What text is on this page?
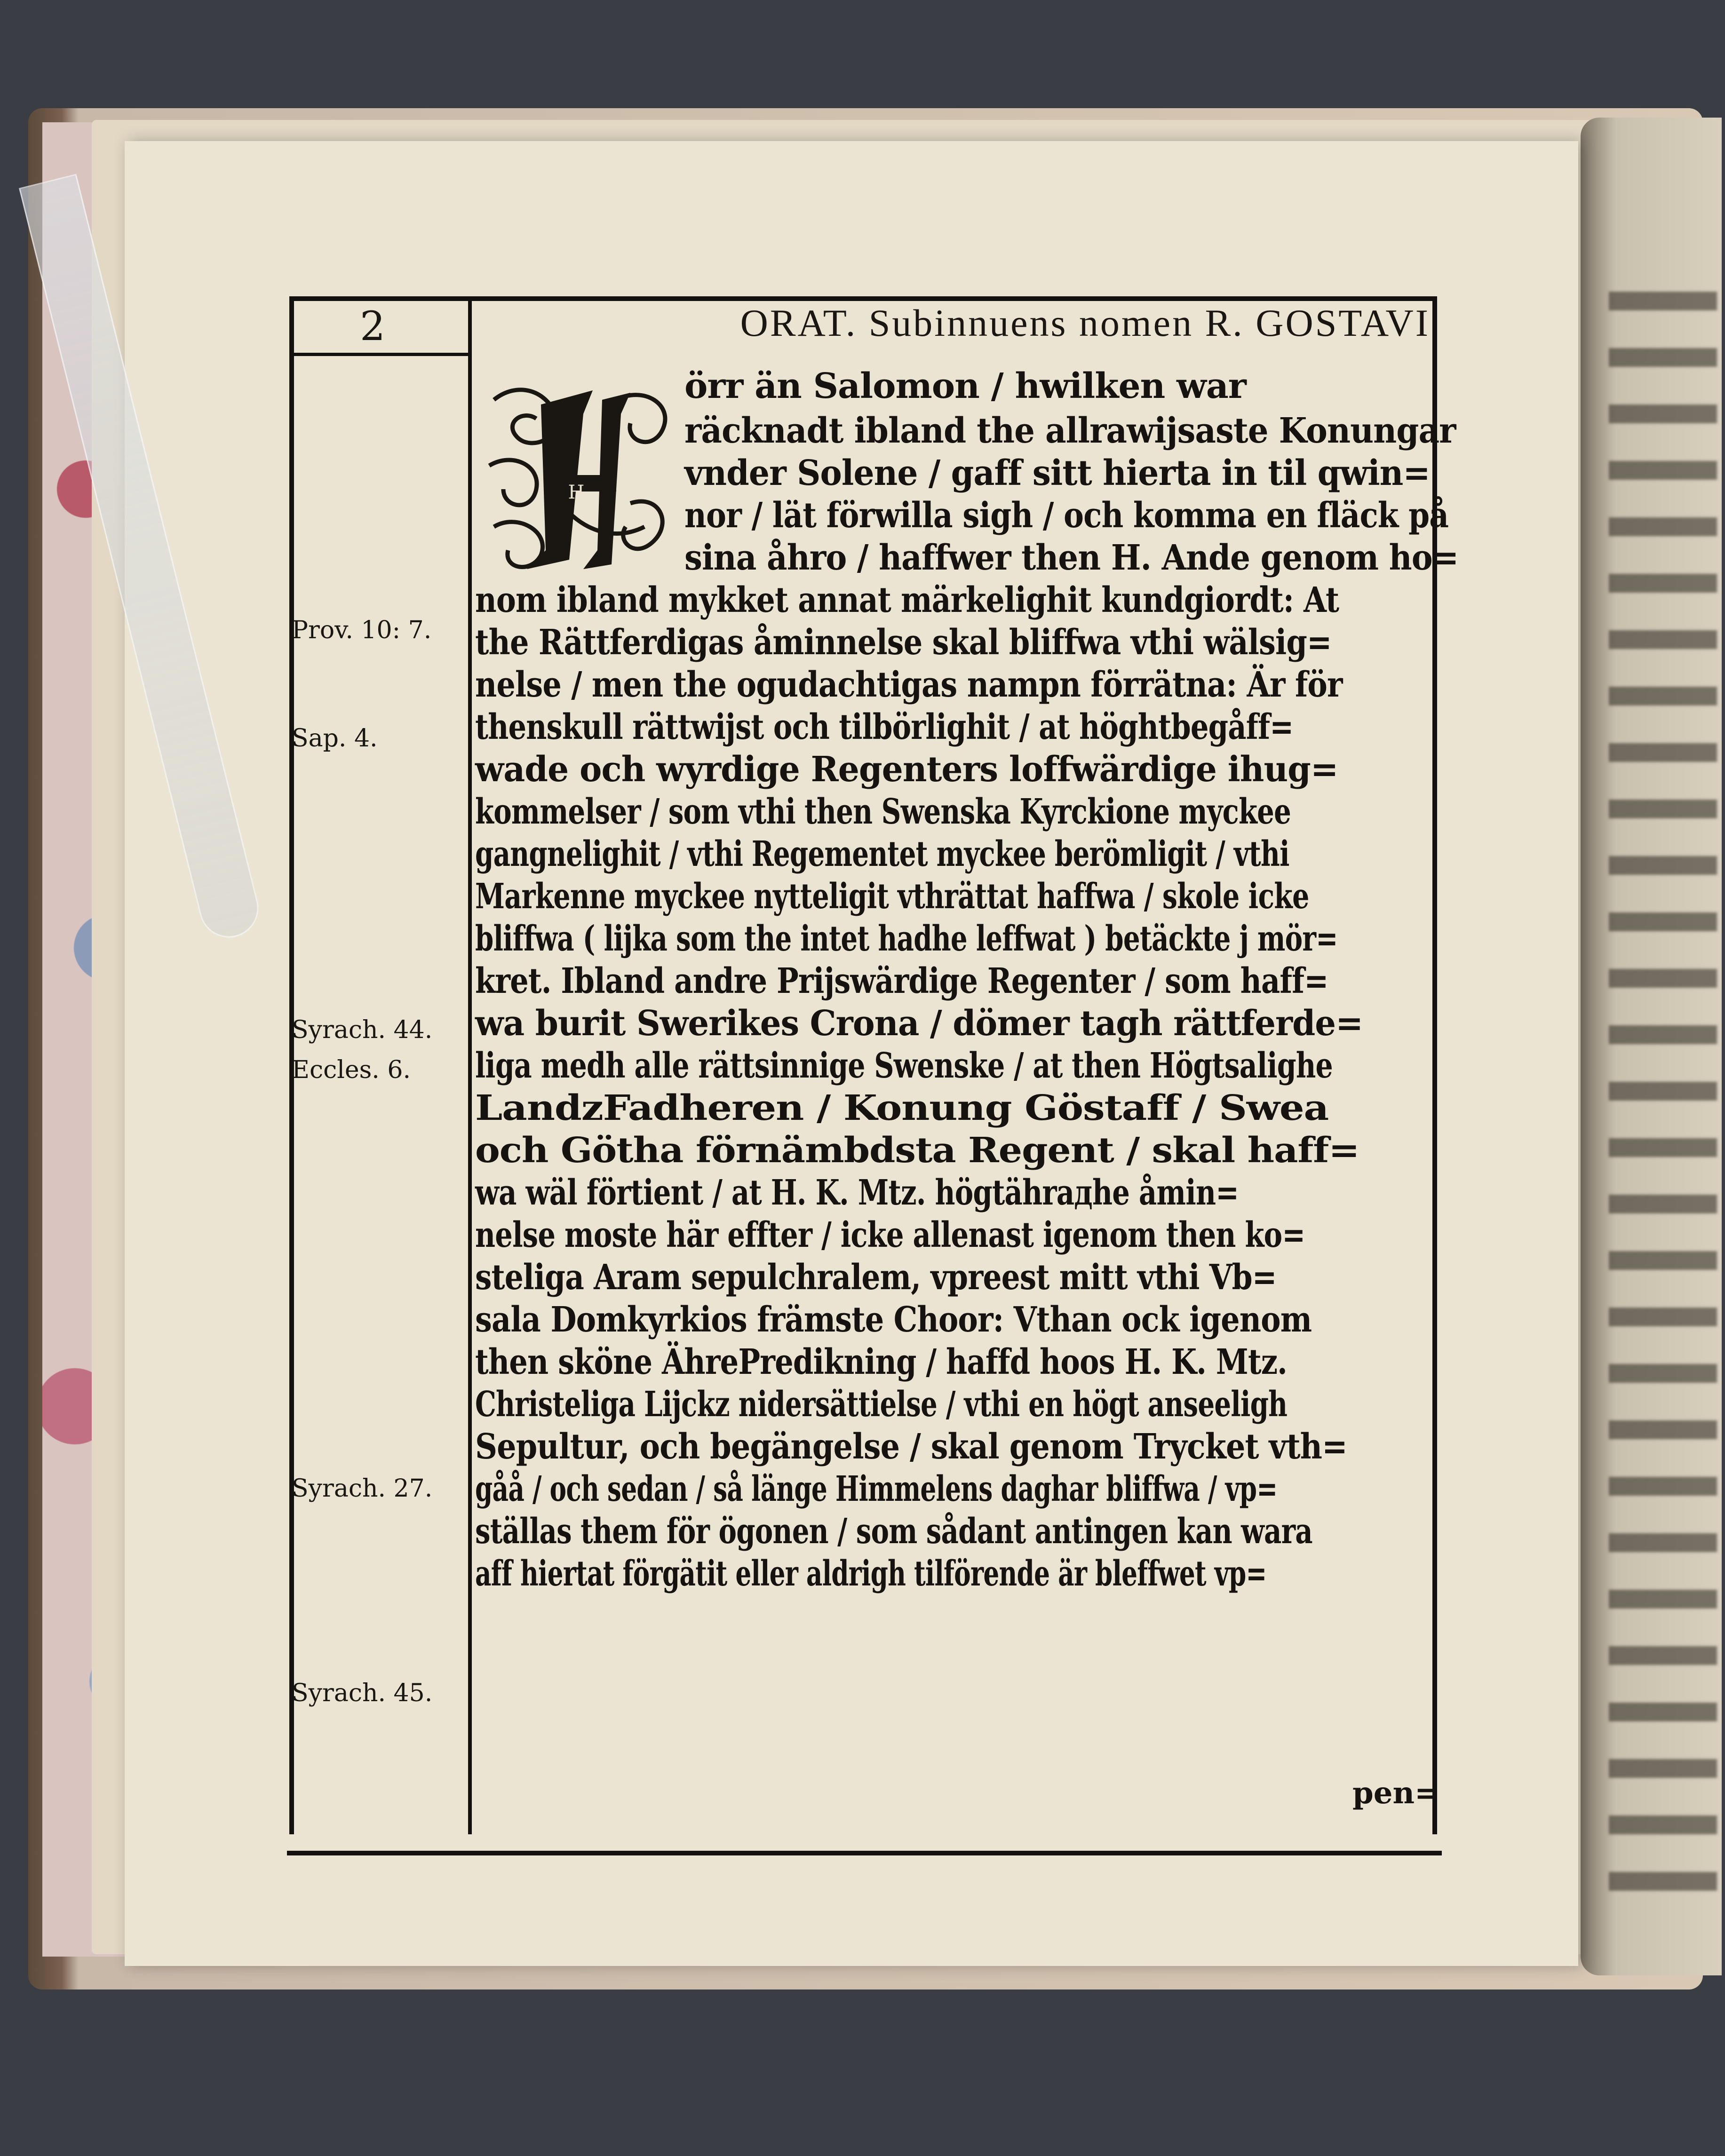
2	ORAT. Subinnuens nomen R. GOSTAVI
H
örr än Salomon / hwilken war
räcknadt ibland the allrawijsaste Konungar
vnder Solene / gaff sitt hierta in til qwin=
nor / lät förwilla sigh / och komma en fläck på
sina åhro / haffwer then H. Ande genom ho=
nom ibland mykket annat märkelighit kundgiordt: At
the Rättferdigas åminnelse skal bliffwa vthi wälsig=
nelse / men the ogudachtigas nampn förrätna: Är för
thenskull rättwijst och tilbörlighit / at höghtbegåff=
wade och wyrdige Regenters loffwärdige ihug=
kommelser / som vthi then Swenska Kyrckione myckee
gangnelighit / vthi Regementet myckee berömligit / vthi
Markenne myckee nytteligit vthrättat haffwa / skole icke
bliffwa ( lijka som the intet hadhe leffwat ) betäckte j mör=
kret. Ibland andre Prijswärdige Regenter / som haff=
wa burit Swerikes Crona / dömer tagh rättferde=
liga medh alle rättsinnige Swenske / at then Högtsalighe
LandzFadheren / Konung Göstaff / Swea
och Götha förnämbdsta Regent / skal haff=
wa wäl förtient / at H. K. Mtz. högtährадhe åmin=
nelse moste här effter / icke allenast igenom then ko=
steliga Aram sepulchralem, vpreest mitt vthi Vb=
sala Domkyrkios främste Choor: Vthan ock igenom
then sköne ÄhrePredikning / haffd hoos H. K. Mtz.
Christeliga Lijckz nidersättielse / vthi en högt anseeligh
Sepultur, och begängelse / skal genom Trycket vth=
gåå / och sedan / så länge Himmelens daghar bliffwa / vp=
ställas them för ögonen / som sådant antingen kan wara
aff hiertat förgätit eller aldrigh tilförende är bleffwet vp=
pen=
Prov. 10: 7.
Sap. 4.
Syrach. 44.
Eccles. 6.
Syrach. 27.
Syrach. 45.
